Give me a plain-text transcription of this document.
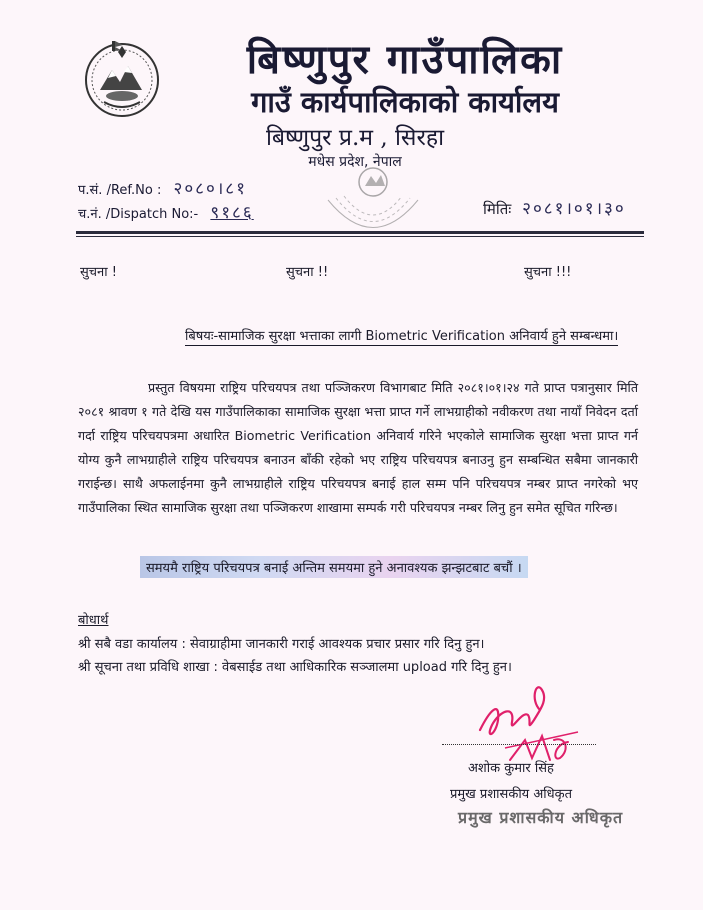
बिष्णुपुर गाउँपालिका
गाउँ कार्यपालिकाको कार्यालय
बिष्णुपुर प्र.म , सिरहा
मधेस प्रदेश, नेपाल
प.सं. /Ref.No : २०८०।८१
च.नं. /Dispatch No:- ९१८६	मितिः २०८१।०१।३०
सुचना !	सुचना !!	सुचना !!!
बिषयः-सामाजिक सुरक्षा भत्ताका लागी Biometric Verification अनिवार्य हुने सम्बन्धमा।
प्रस्तुत विषयमा राष्ट्रिय परिचयपत्र तथा पञ्जिकरण विभागबाट मिति २०८१।०१।२४ गते प्राप्त पत्रानुसार मिति २०८१ श्रावण १ गते देखि यस गाउँपालिकाका सामाजिक सुरक्षा भत्ता प्राप्त गर्ने लाभग्राहीको नवीकरण तथा नायाँ निवेदन दर्ता गर्दा राष्ट्रिय परिचयपत्रमा अधारित Biometric Verification अनिवार्य गरिने भएकोले सामाजिक सुरक्षा भत्ता प्राप्त गर्न योग्य कुनै लाभग्राहीले राष्ट्रिय परिचयपत्र बनाउन बाँकी रहेको भए राष्ट्रिय परिचयपत्र बनाउनु हुन सम्बन्धित सबैमा जानकारी गराईन्छ। साथै अफलाईनमा कुनै लाभग्राहीले राष्ट्रिय परिचयपत्र बनाई हाल सम्म पनि परिचयपत्र नम्बर प्राप्त नगरेको भए गाउँपालिका स्थित सामाजिक सुरक्षा तथा पञ्जिकरण शाखामा सम्पर्क गरी परिचयपत्र नम्बर लिनु हुन समेत सूचित गरिन्छ।
समयमै राष्ट्रिय परिचयपत्र बनाई अन्तिम समयमा हुने अनावश्यक झन्झटबाट बचौं ।
बोधार्थ
श्री सबै वडा कार्यालय : सेवाग्राहीमा जानकारी गराई आवश्यक प्रचार प्रसार गरि दिनु हुन।
श्री सूचना तथा प्रविधि शाखा : वेबसाईड तथा आधिकारिक सञ्जालमा upload गरि दिनु हुन।
अशोक कुमार सिंह
प्रमुख प्रशासकीय अधिकृत
प्रमुख प्रशासकीय अधिकृत
